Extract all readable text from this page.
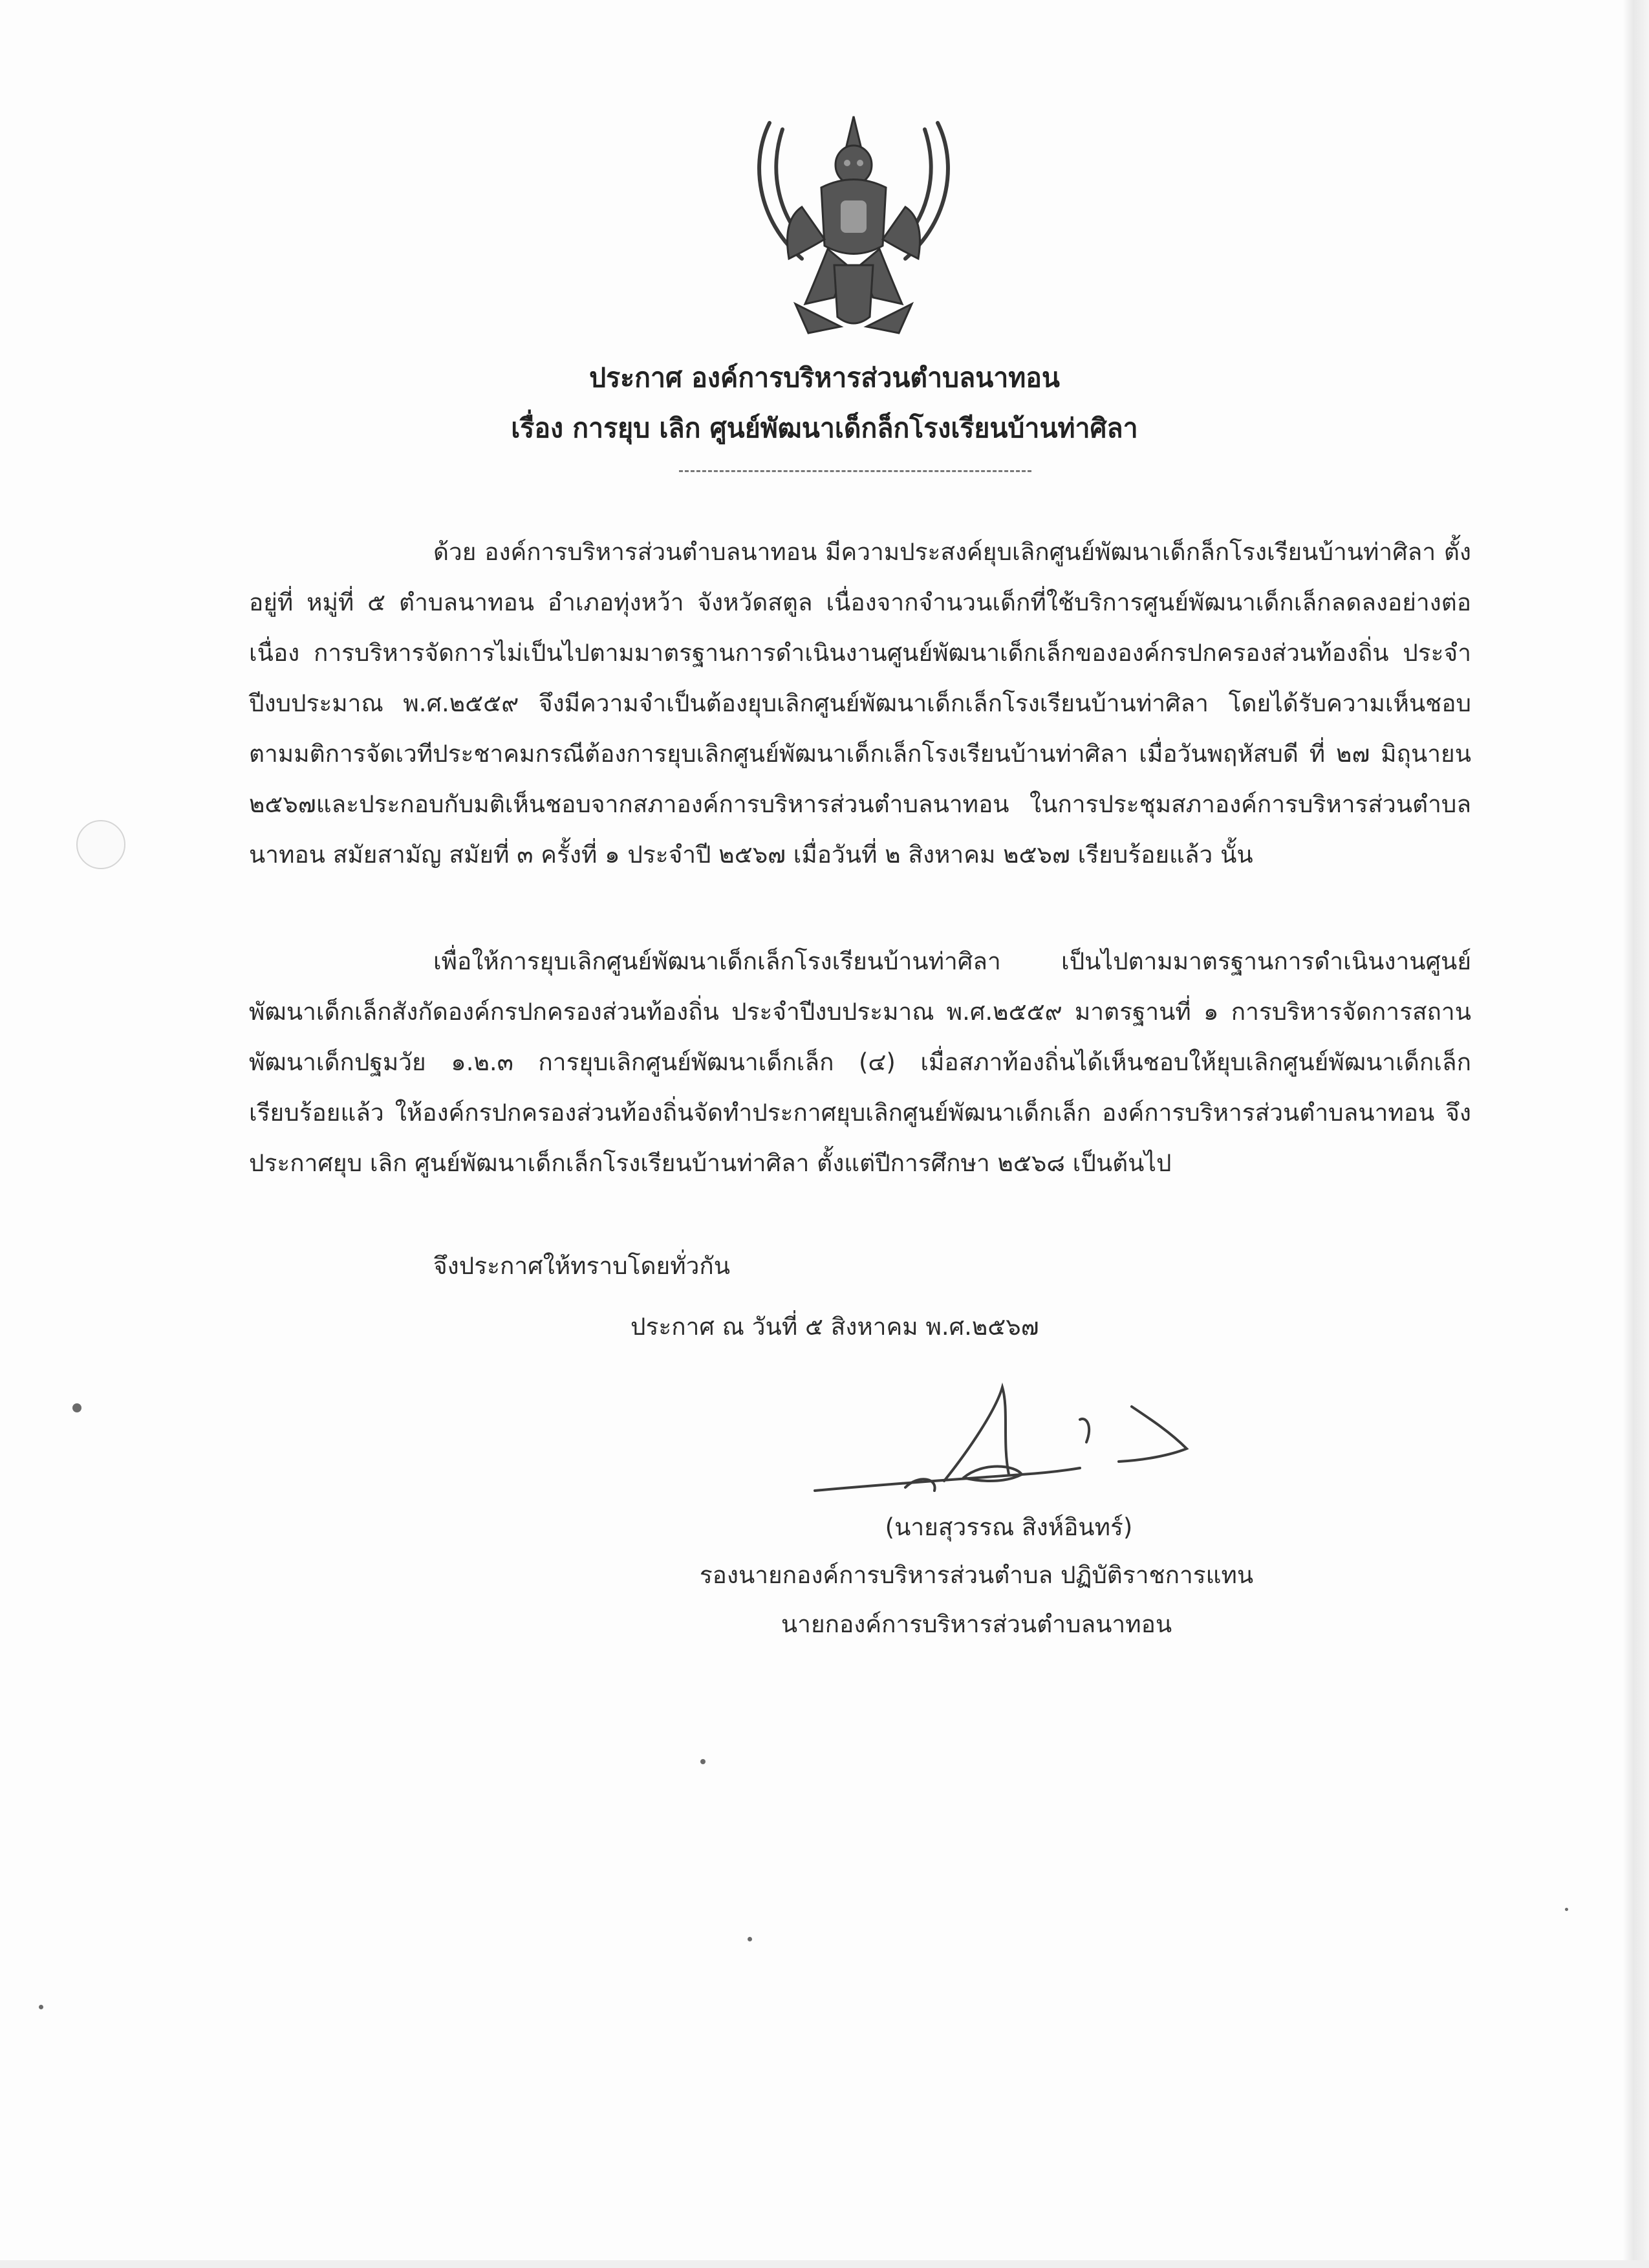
ประกาศ องค์การบริหารส่วนตำบลนาทอน
เรื่อง การยุบ เลิก ศูนย์พัฒนาเด็กล็กโรงเรียนบ้านท่าศิลา

ด้วย องค์การบริหารส่วนตำบลนาทอน มีความประสงค์ยุบเลิกศูนย์พัฒนาเด็กล็กโรงเรียนบ้านท่าศิลา ตั้งอยู่ที่ หมู่ที่ ๕ ตำบลนาทอน อำเภอทุ่งหว้า จังหวัดสตูล เนื่องจากจำนวนเด็กที่ใช้บริการศูนย์พัฒนาเด็กเล็กลดลงอย่างต่อเนื่อง การบริหารจัดการไม่เป็นไปตามมาตรฐานการดำเนินงานศูนย์พัฒนาเด็กเล็กขององค์กรปกครองส่วนท้องถิ่น ประจำปีงบประมาณ พ.ศ.๒๕๕๙ จึงมีความจำเป็นต้องยุบเลิกศูนย์พัฒนาเด็กเล็กโรงเรียนบ้านท่าศิลา โดยได้รับความเห็นชอบตามมติการจัดเวทีประชาคมกรณีต้องการยุบเลิกศูนย์พัฒนาเด็กเล็กโรงเรียนบ้านท่าศิลา เมื่อวันพฤหัสบดี ที่ ๒๗ มิถุนายน ๒๕๖๗และประกอบกับมติเห็นชอบจากสภาองค์การบริหารส่วนตำบลนาทอน ในการประชุมสภาองค์การบริหารส่วนตำบลนาทอน สมัยสามัญ สมัยที่ ๓ ครั้งที่ ๑ ประจำปี ๒๕๖๗ เมื่อวันที่ ๒ สิงหาคม ๒๕๖๗ เรียบร้อยแล้ว นั้น

เพื่อให้การยุบเลิกศูนย์พัฒนาเด็กเล็กโรงเรียนบ้านท่าศิลา เป็นไปตามมาตรฐานการดำเนินงานศูนย์พัฒนาเด็กเล็กสังกัดองค์กรปกครองส่วนท้องถิ่น ประจำปีงบประมาณ พ.ศ.๒๕๕๙ มาตรฐานที่ ๑ การบริหารจัดการสถานพัฒนาเด็กปฐมวัย ๑.๒.๓ การยุบเลิกศูนย์พัฒนาเด็กเล็ก (๔) เมื่อสภาท้องถิ่นได้เห็นชอบให้ยุบเลิกศูนย์พัฒนาเด็กเล็กเรียบร้อยแล้ว ให้องค์กรปกครองส่วนท้องถิ่นจัดทำประกาศยุบเลิกศูนย์พัฒนาเด็กเล็ก องค์การบริหารส่วนตำบลนาทอน จึงประกาศยุบ เลิก ศูนย์พัฒนาเด็กเล็กโรงเรียนบ้านท่าศิลา ตั้งแต่ปีการศึกษา ๒๕๖๘ เป็นต้นไป

จึงประกาศให้ทราบโดยทั่วกัน
ประกาศ ณ วันที่ ๕ สิงหาคม พ.ศ.๒๕๖๗
(นายสุวรรณ สิงห์อินทร์)
รองนายกองค์การบริหารส่วนตำบล ปฏิบัติราชการแทน
นายกองค์การบริหารส่วนตำบลนาทอน
